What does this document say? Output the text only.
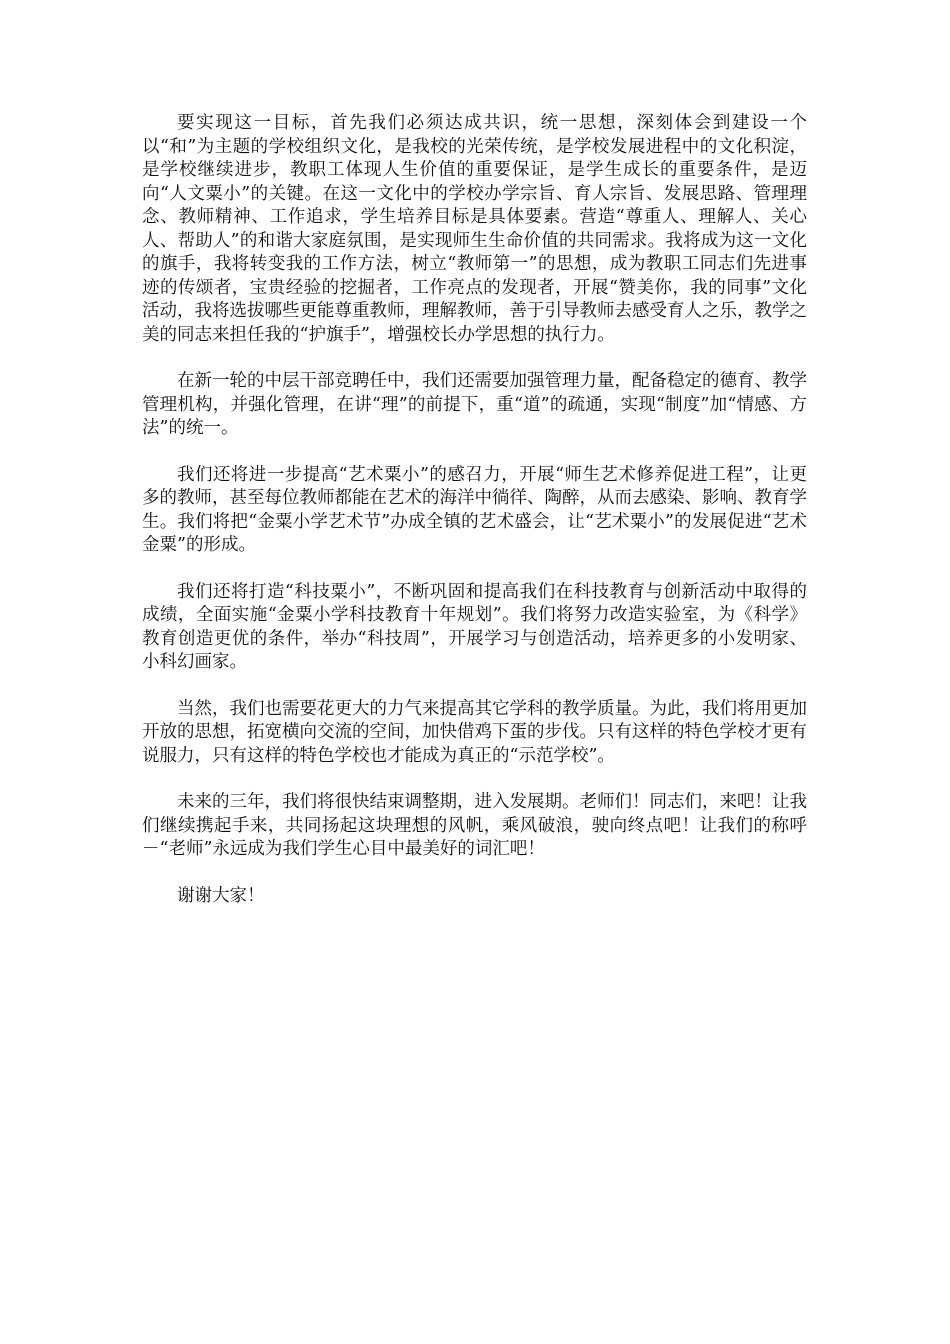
要实现这一目标，首先我们必须达成共识，统一思想，深刻体会到建设一个以“和”为主题的学校组织文化，是我校的光荣传统，是学校发展进程中的文化积淀，是学校继续进步，教职工体现人生价值的重要保证，是学生成长的重要条件，是迈向“人文粟小”的关键。在这一文化中的学校办学宗旨、育人宗旨、发展思路、管理理念、教师精神、工作追求，学生培养目标是具体要素。营造“尊重人、理解人、关心人、帮助人”的和谐大家庭氛围，是实现师生生命价值的共同需求。我将成为这一文化的旗手，我将转变我的工作方法，树立“教师第一”的思想，成为教职工同志们先进事迹的传颂者，宝贵经验的挖掘者，工作亮点的发现者，开展“赞美你，我的同事”文化活动，我将选拔哪些更能尊重教师，理解教师，善于引导教师去感受育人之乐，教学之美的同志来担任我的“护旗手”，增强校长办学思想的执行力。

在新一轮的中层干部竞聘任中，我们还需要加强管理力量，配备稳定的德育、教学管理机构，并强化管理，在讲“理”的前提下，重“道”的疏通，实现“制度”加“情感、方法”的统一。

我们还将进一步提高“艺术粟小”的感召力，开展“师生艺术修养促进工程”，让更多的教师，甚至每位教师都能在艺术的海洋中徜徉、陶醉，从而去感染、影响、教育学生。我们将把“金粟小学艺术节”办成全镇的艺术盛会，让“艺术粟小”的发展促进“艺术金粟”的形成。

我们还将打造“科技粟小”，不断巩固和提高我们在科技教育与创新活动中取得的成绩，全面实施“金粟小学科技教育十年规划”。我们将努力改造实验室，为《科学》教育创造更优的条件，举办“科技周”，开展学习与创造活动，培养更多的小发明家、小科幻画家。

当然，我们也需要花更大的力气来提高其它学科的教学质量。为此，我们将用更加开放的思想，拓宽横向交流的空间，加快借鸡下蛋的步伐。只有这样的特色学校才更有说服力，只有这样的特色学校也才能成为真正的“示范学校”。

未来的三年，我们将很快结束调整期，进入发展期。老师们！同志们，来吧！让我们继续携起手来，共同扬起这块理想的风帆，乘风破浪，驶向终点吧！让我们的称呼－“老师”永远成为我们学生心目中最美好的词汇吧！

谢谢大家！
